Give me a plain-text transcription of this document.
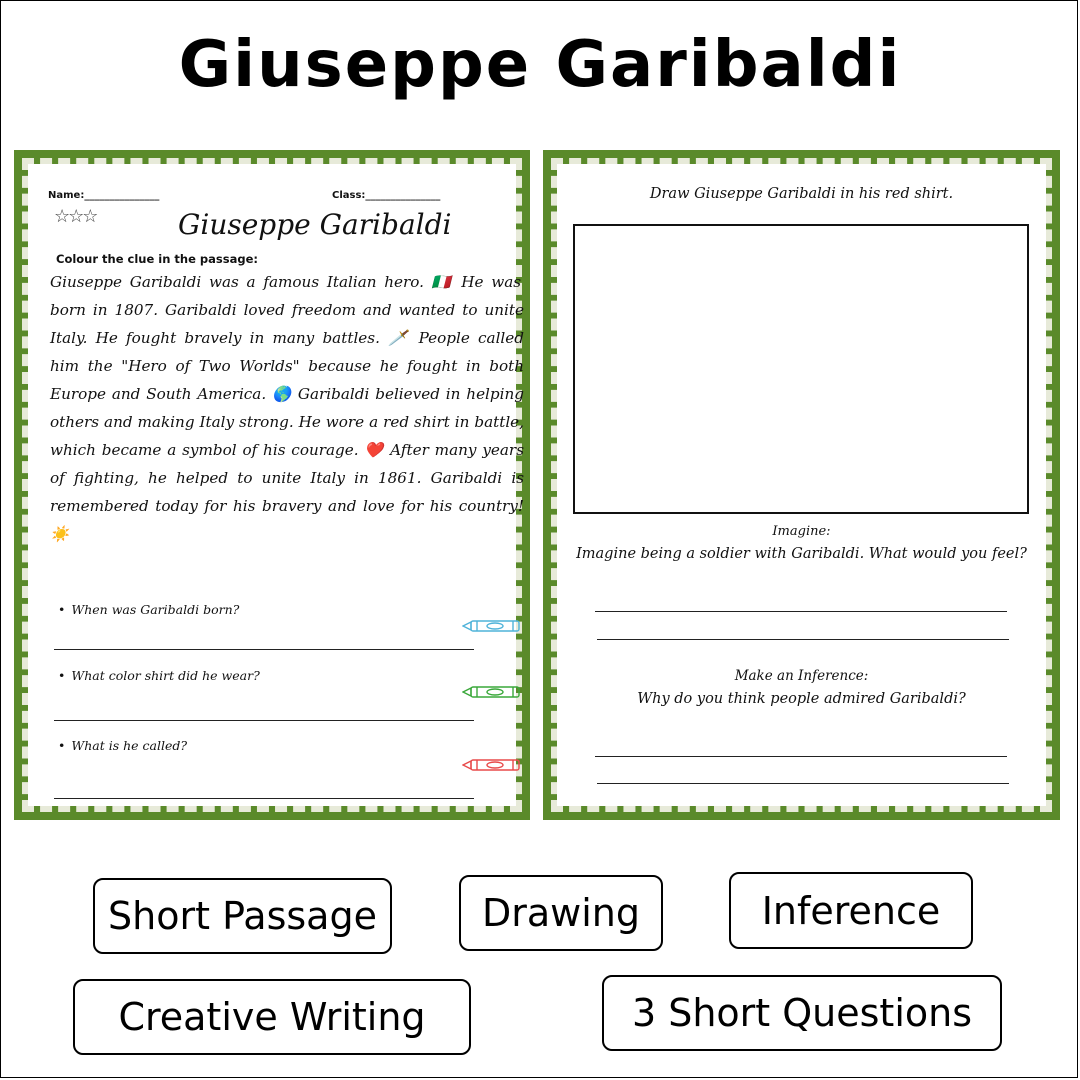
Giuseppe Garibaldi
Name:_______________	Class:_______________
☆☆☆	Giuseppe Garibaldi
Colour the clue in the passage:
Giuseppe Garibaldi was a famous Italian hero. 🇮🇹 He was born in 1807. Garibaldi loved freedom and wanted to unite Italy. He fought bravely in many battles. 🗡️ People called him the "Hero of Two Worlds" because he fought in both Europe and South America. 🌎 Garibaldi believed in helping others and making Italy strong. He wore a red shirt in battle, which became a symbol of his courage. ❤️ After many years of fighting, he helped to unite Italy in 1861. Garibaldi is remembered today for his bravery and love for his country! ☀️
• When was Garibaldi born?
• What color shirt did he wear?
• What is he called?
Draw Giuseppe Garibaldi in his red shirt.
Imagine:
Imagine being a soldier with Garibaldi. What would you feel?
Make an Inference:
Why do you think people admired Garibaldi?
Short Passage	Drawing	Inference
Creative Writing	3 Short Questions
